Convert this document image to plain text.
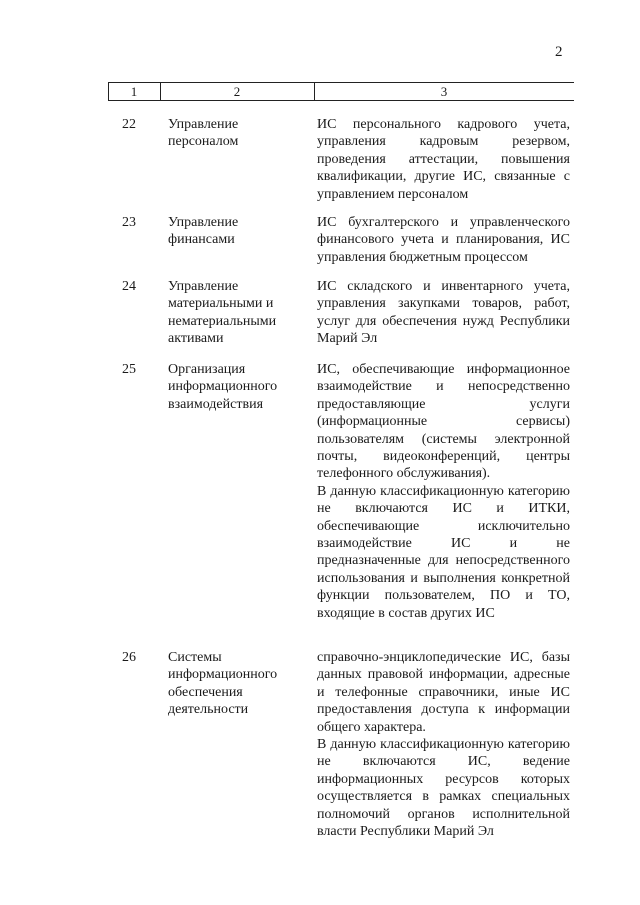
2
1	2	3
22 Управление персоналом

ИС персонального кадрового учета, управления кадровым резервом, проведения аттестации, повышения квалификации, другие ИС, связанные с управлением персоналом

23 Управление финансами

ИС бухгалтерского и управленческого финансового учета и планирования, ИС управления бюджетным процессом

24 Управление материальными и нематериальными активами

ИС складского и инвентарного учета, управления закупками товаров, работ, услуг для обеспечения нужд Республики Марий Эл

25 Организация информационного взаимодействия

ИС, обеспечивающие информационное взаимодействие и непосредственно предоставляющие услуги (информационные сервисы) пользователям (системы электронной почты, видеоконференций, центры телефонного обслуживания).

В данную классификационную категорию не включаются ИС и ИТКИ, обеспечивающие исключительно взаимодействие ИС и не предназначенные для непосредственного использования и выполнения конкретной функции пользователем, ПО и ТО, входящие в состав других ИС

26 Системы информационного обеспечения деятельности

справочно-энциклопедические ИС, базы данных правовой информации, адресные и телефонные справочники, иные ИС предоставления доступа к информации общего характера.

В данную классификационную категорию не включаются ИС, ведение информационных ресурсов которых осуществляется в рамках специальных полномочий органов исполнительной власти Республики Марий Эл
